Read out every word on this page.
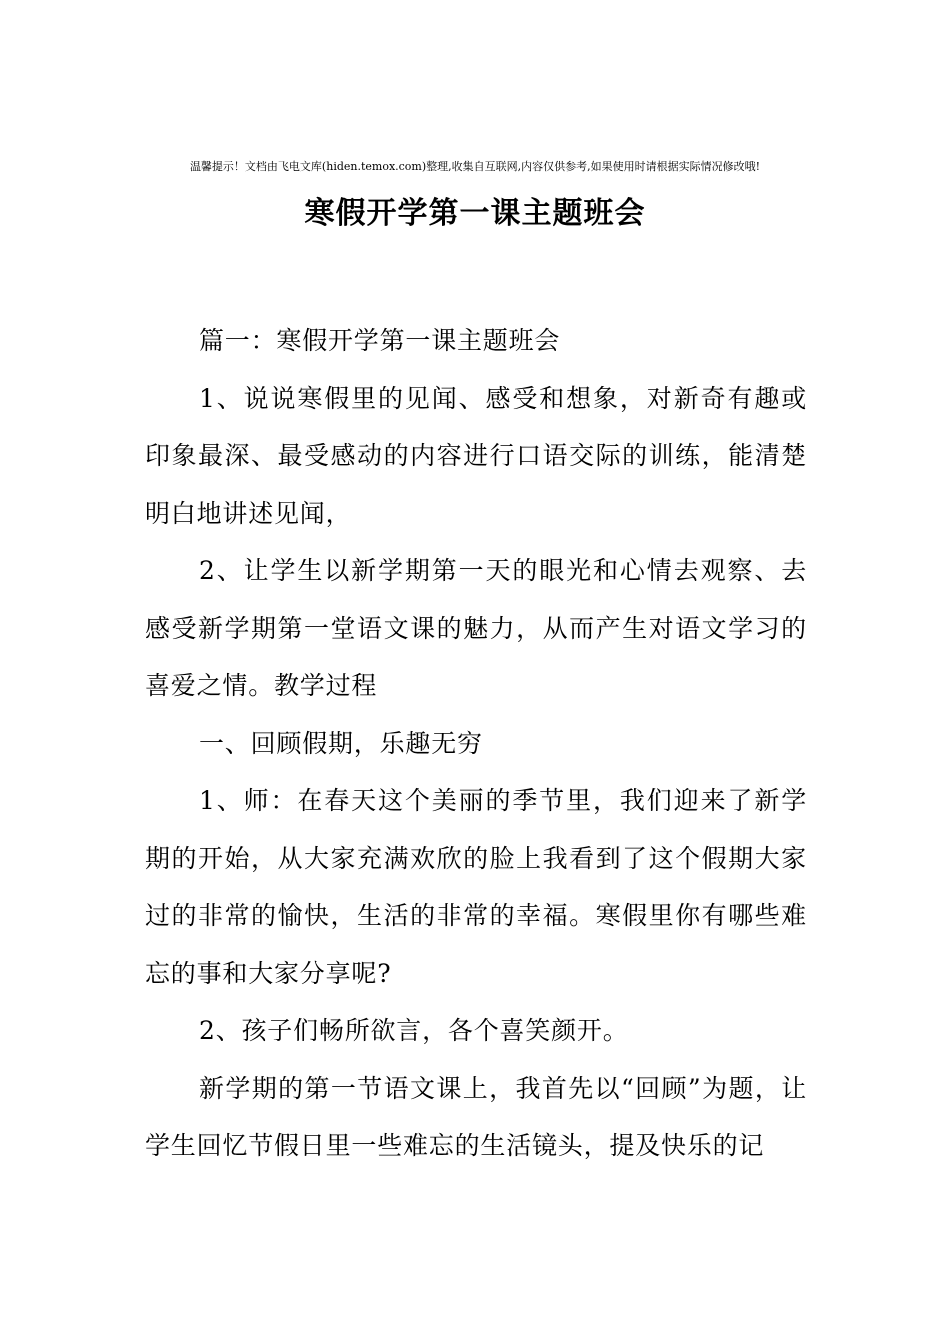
温馨提示！文档由飞电文库(hiden.temox.com)整理,收集自互联网,内容仅供参考,如果使用时请根据实际情况修改哦!
寒假开学第一课主题班会

篇一：寒假开学第一课主题班会

1、说说寒假里的见闻、感受和想象，对新奇有趣或印象最深、最受感动的内容进行口语交际的训练，能清楚明白地讲述见闻，

2、让学生以新学期第一天的眼光和心情去观察、去感受新学期第一堂语文课的魅力，从而产生对语文学习的喜爱之情。教学过程

一、回顾假期，乐趣无穷

1、师：在春天这个美丽的季节里，我们迎来了新学期的开始，从大家充满欢欣的脸上我看到了这个假期大家过的非常的愉快，生活的非常的幸福。寒假里你有哪些难忘的事和大家分享呢?

2、孩子们畅所欲言，各个喜笑颜开。

新学期的第一节语文课上，我首先以“回顾”为题，让学生回忆节假日里一些难忘的生活镜头，提及快乐的记
